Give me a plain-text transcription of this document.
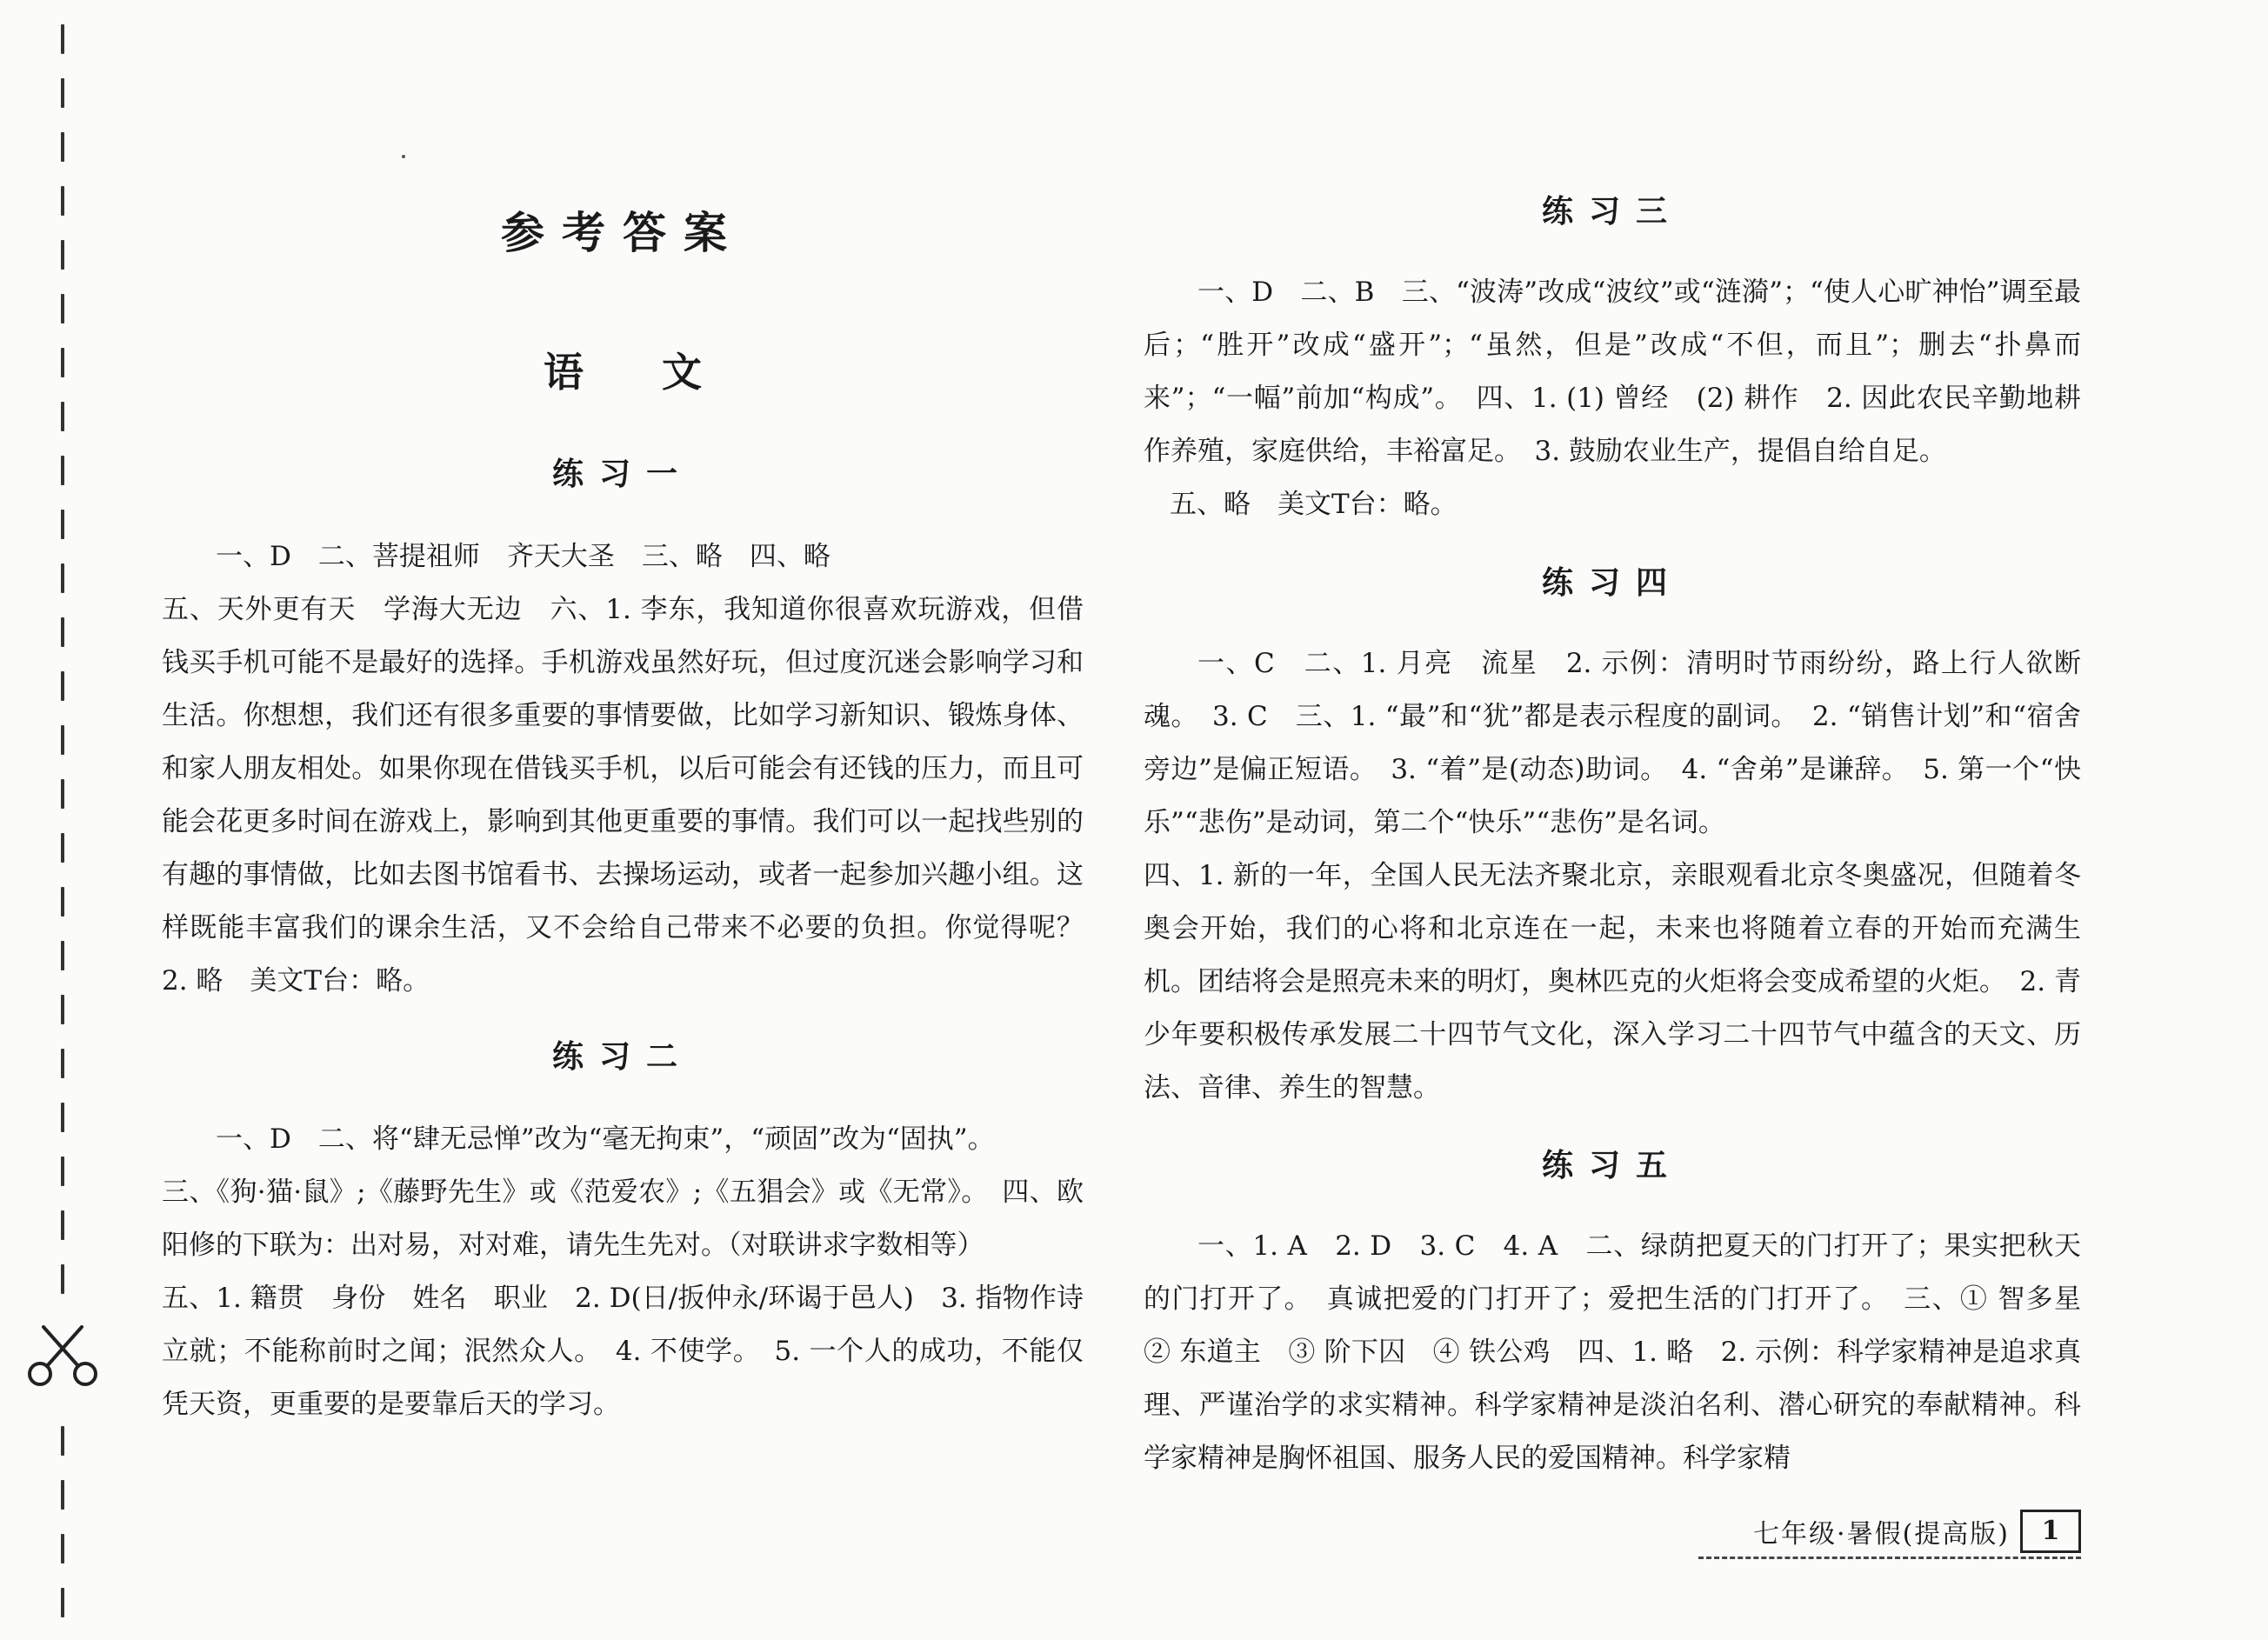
参考答案
语文
练习一
一、D　二、菩提祖师　齐天大圣　三、略　四、略

五、天外更有天　学海大无边　六、1. 李东，我知道你很喜欢玩游戏，但借钱买手机可能不是最好的选择。手机游戏虽然好玩，但过度沉迷会影响学习和生活。你想想，我们还有很多重要的事情要做，比如学习新知识、锻炼身体、和家人朋友相处。如果你现在借钱买手机，以后可能会有还钱的压力，而且可能会花更多时间在游戏上，影响到其他更重要的事情。我们可以一起找些别的有趣的事情做，比如去图书馆看书、去操场运动，或者一起参加兴趣小组。这样既能丰富我们的课余生活，又不会给自己带来不必要的负担。你觉得呢？　2. 略　美文T台：略。

练习二
一、D　二、将“肆无忌惮”改为“毫无拘束”，“顽固”改为“固执”。

三、《狗·猫·鼠》;《藤野先生》或《范爱农》;《五猖会》或《无常》。　四、欧阳修的下联为：出对易，对对难，请先生先对。（对联讲求字数相等）

五、1. 籍贯　身份　姓名　职业　2. D(日/扳仲永/环谒于邑人)　3. 指物作诗立就；不能称前时之闻；泯然众人。　4. 不使学。　5. 一个人的成功，不能仅凭天资，更重要的是要靠后天的学习。

练习三
一、D　二、B　三、“波涛”改成“波纹”或“涟漪”；“使人心旷神怡”调至最后；“胜开”改成“盛开”；“虽然，但是”改成“不但，而且”；删去“扑鼻而来”；“一幅”前加“构成”。　四、1. (1) 曾经　(2) 耕作　2. 因此农民辛勤地耕作养殖，家庭供给，丰裕富足。　3. 鼓励农业生产，提倡自给自足。

五、略　美文T台：略。

练习四
一、C　二、1. 月亮　流星　2. 示例：清明时节雨纷纷，路上行人欲断魂。　3. C　三、1. “最”和“犹”都是表示程度的副词。　2. “销售计划”和“宿舍旁边”是偏正短语。　3. “着”是(动态)助词。　4. “舍弟”是谦辞。　5. 第一个“快乐”“悲伤”是动词，第二个“快乐”“悲伤”是名词。

四、1. 新的一年，全国人民无法齐聚北京，亲眼观看北京冬奥盛况，但随着冬奥会开始，我们的心将和北京连在一起，未来也将随着立春的开始而充满生机。团结将会是照亮未来的明灯，奥林匹克的火炬将会变成希望的火炬。　2. 青少年要积极传承发展二十四节气文化，深入学习二十四节气中蕴含的天文、历法、音律、养生的智慧。

练习五
一、1. A　2. D　3. C　4. A　二、绿荫把夏天的门打开了；果实把秋天的门打开了。　真诚把爱的门打开了；爱把生活的门打开了。　三、① 智多星　② 东道主　③ 阶下囚　④ 铁公鸡　四、1. 略　2. 示例：科学家精神是追求真理、严谨治学的求实精神。科学家精神是淡泊名利、潜心研究的奉献精神。科学家精神是胸怀祖国、服务人民的爱国精神。科学家精
七年级·暑假(提高版)	1
